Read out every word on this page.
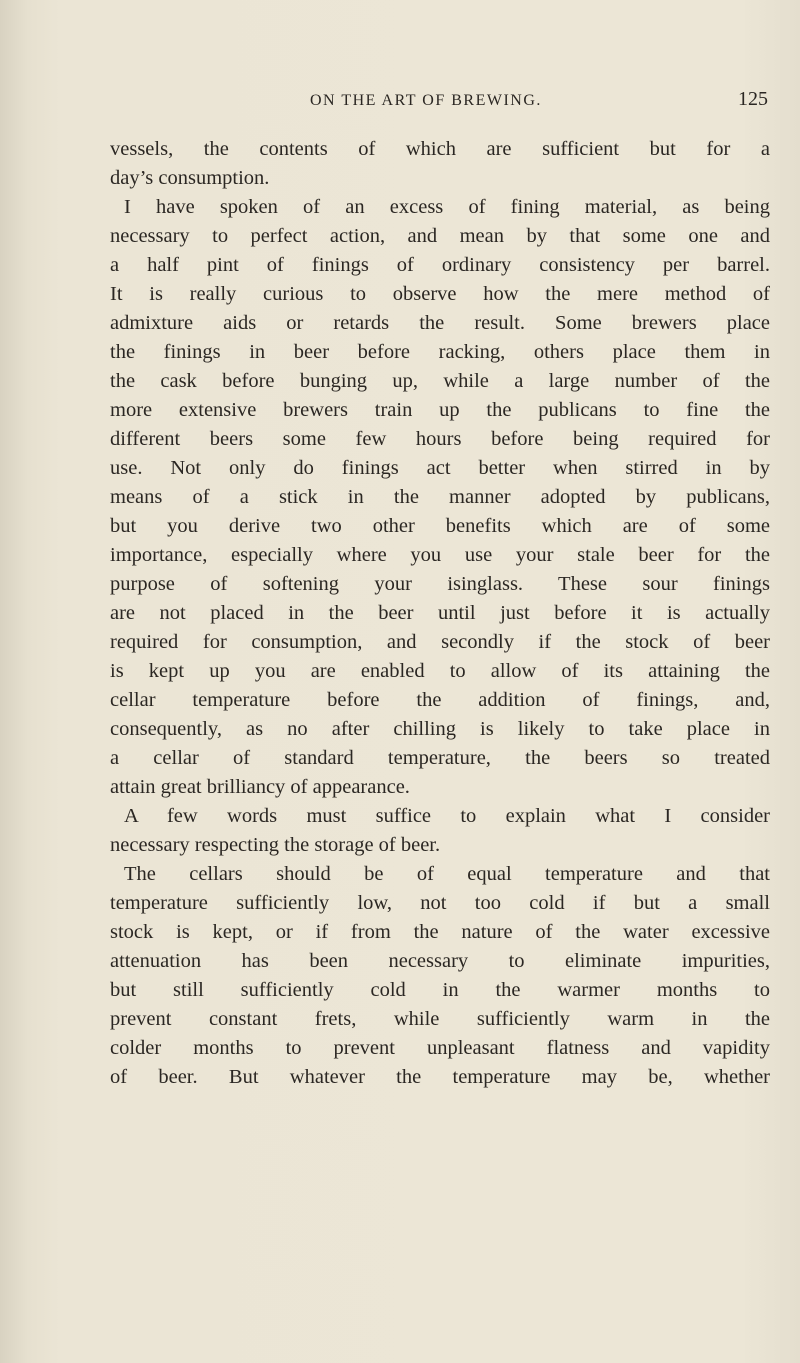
ON THE ART OF BREWING.	125
vessels, the contents of which are sufficient but for a
day’s consumption.
I have spoken of an excess of fining material, as being
necessary to perfect action, and mean by that some one and
a half pint of finings of ordinary consistency per barrel.
It is really curious to observe how the mere method of
admixture aids or retards the result. Some brewers place
the finings in beer before racking, others place them in
the cask before bunging up, while a large number of the
more extensive brewers train up the publicans to fine the
different beers some few hours before being required for
use. Not only do finings act better when stirred in by
means of a stick in the manner adopted by publicans,
but you derive two other benefits which are of some
importance, especially where you use your stale beer for the
purpose of softening your isinglass. These sour finings
are not placed in the beer until just before it is actually
required for consumption, and secondly if the stock of beer
is kept up you are enabled to allow of its attaining the
cellar temperature before the addition of finings, and,
consequently, as no after chilling is likely to take place in
a cellar of standard temperature, the beers so treated
attain great brilliancy of appearance.
A few words must suffice to explain what I consider
necessary respecting the storage of beer.
The cellars should be of equal temperature and that
temperature sufficiently low, not too cold if but a small
stock is kept, or if from the nature of the water excessive
attenuation has been necessary to eliminate impurities,
but still sufficiently cold in the warmer months to
prevent constant frets, while sufficiently warm in the
colder months to prevent unpleasant flatness and vapidity
of beer. But whatever the temperature may be, whether
